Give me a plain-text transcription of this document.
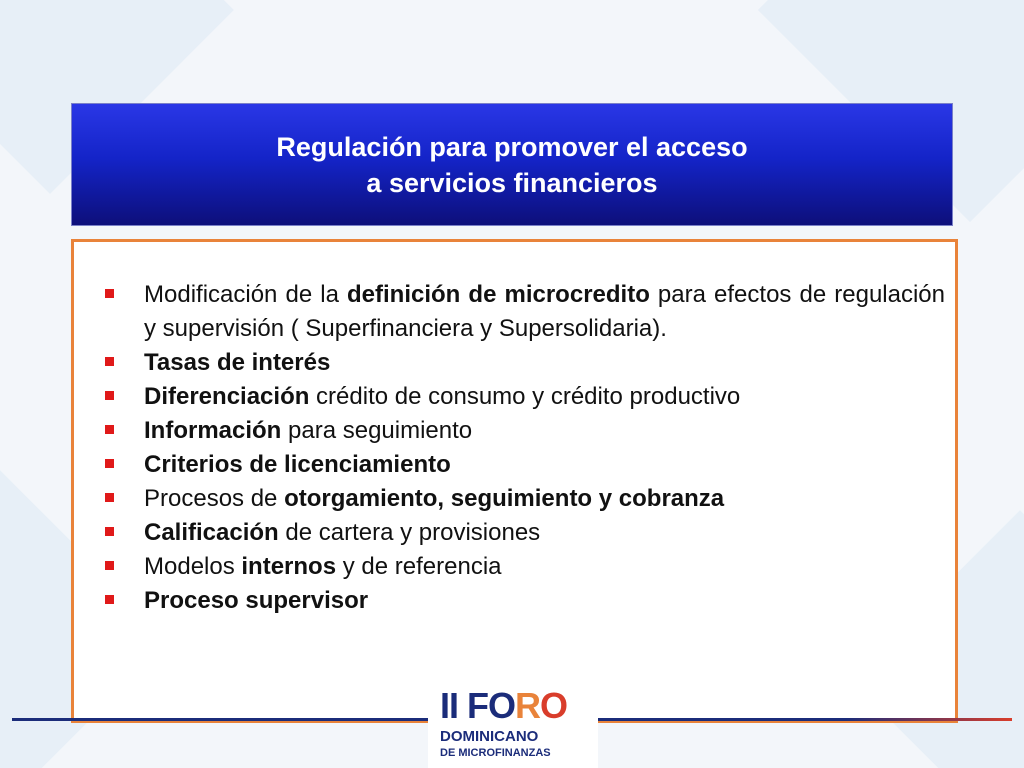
Regulación para promover el acceso
a servicios financieros
Modificación de la definición de microcredito para efectos de regulación y supervisión ( Superfinanciera y Supersolidaria).
Tasas de interés
Diferenciación crédito de consumo y crédito productivo
Información para seguimiento
Criterios de licenciamiento
Procesos de otorgamiento, seguimiento y cobranza
Calificación de cartera y provisiones
Modelos internos y de referencia
Proceso supervisor
II FORO
DOMINICANO
DE MICROFINANZAS
